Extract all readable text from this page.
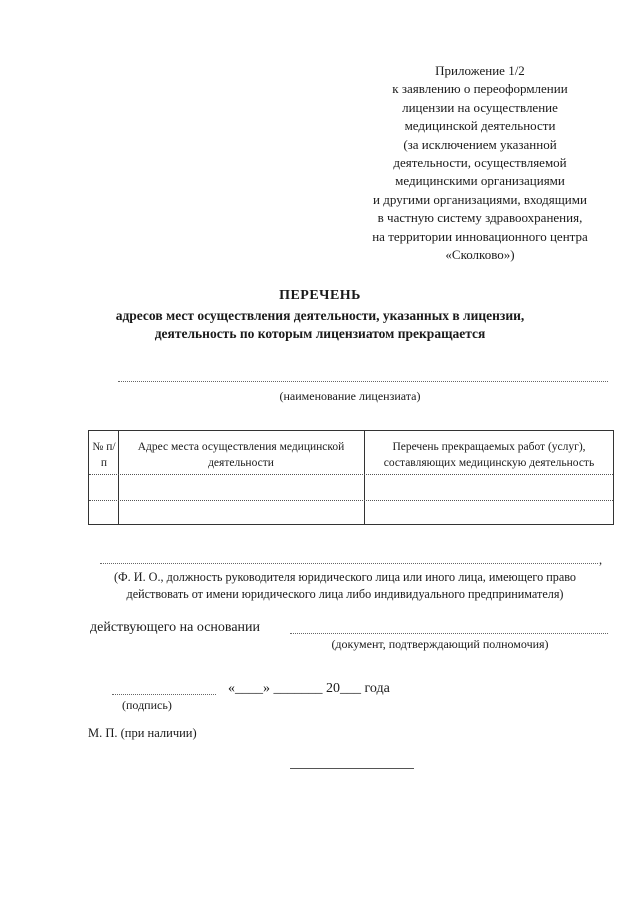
Приложение 1/2
к заявлению о переоформлении
лицензии на осуществление
медицинской деятельности
(за исключением указанной
деятельности, осуществляемой
медицинскими организациями
и другими организациями, входящими
в частную систему здравоохранения,
на территории инновационного центра
«Сколково»)
ПЕРЕЧЕНЬ
адресов мест осуществления деятельности, указанных в лицензии,
деятельность по которым лицензиатом прекращается
(наименование лицензиата)
№ п/п
Адрес места осуществления медицинской деятельности
Перечень прекращаемых работ (услуг), составляющих медицинскую деятельность
,
(Ф. И. О., должность руководителя юридического лица или иного лица, имеющего право
действовать от имени юридического лица либо индивидуального предпринимателя)
действующего на основании
(документ, подтверждающий полномочия)
«____» _______ 20___ года
(подпись)
М. П. (при наличии)
